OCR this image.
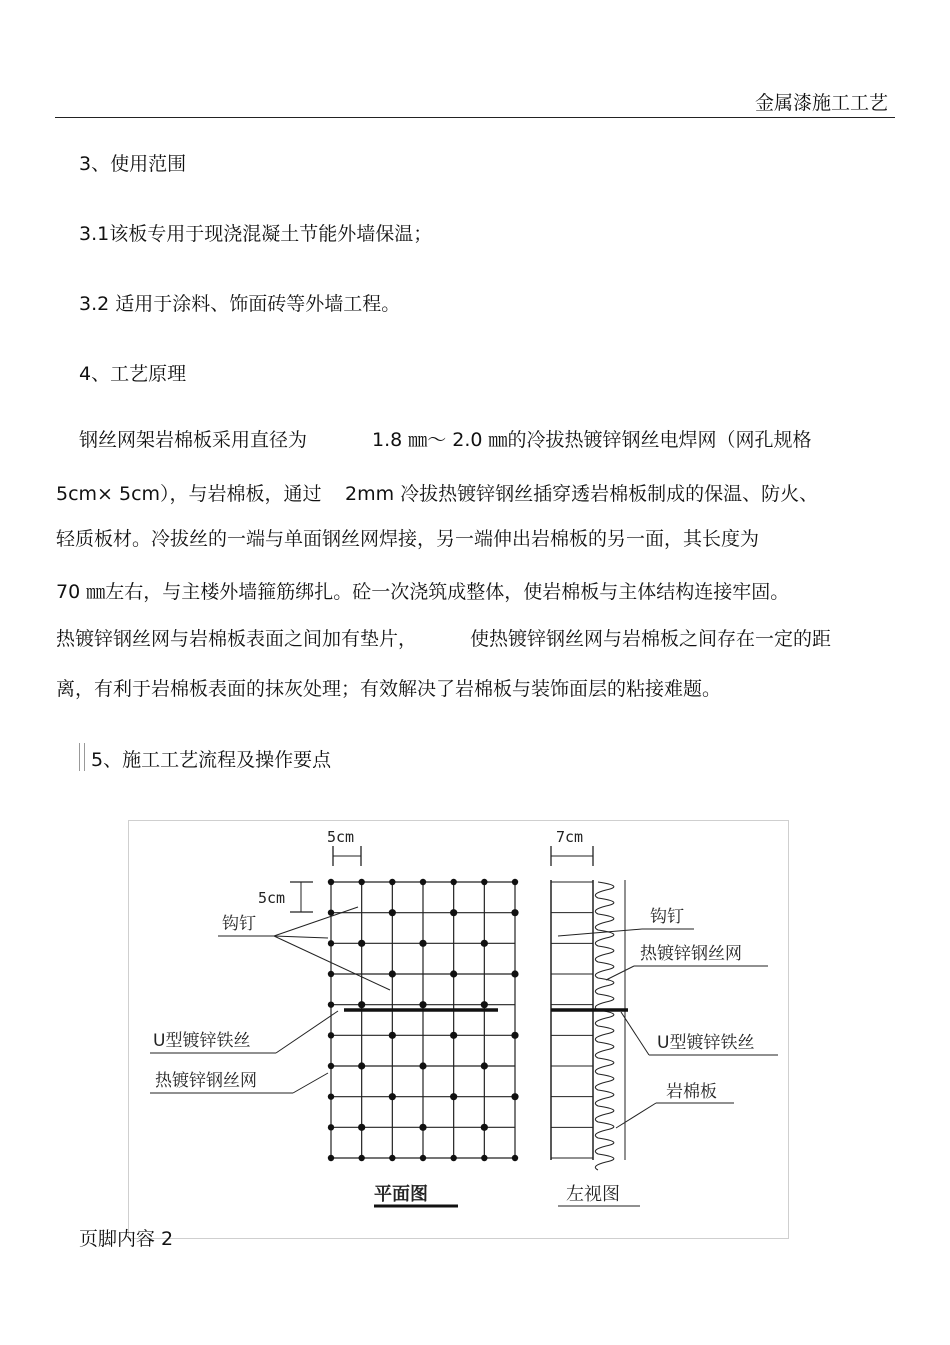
金属漆施工工艺
3、使用范围
3.1该板专用于现浇混凝土节能外墙保温；
3.2 适用于涂料、饰面砖等外墙工程。
4、工艺原理
钢丝网架岩棉板采用直径为	1.8 ㎜～ 2.0 ㎜的冷拔热镀锌钢丝电焊网（网孔规格
5cm× 5cm），与岩棉板，通过 2mm 冷拔热镀锌钢丝插穿透岩棉板制成的保温、防火、
轻质板材。冷拔丝的一端与单面钢丝网焊接，另一端伸出岩棉板的另一面，其长度为
70 ㎜左右，与主楼外墙箍筋绑扎。砼一次浇筑成整体，使岩棉板与主体结构连接牢固。
热镀锌钢丝网与岩棉板表面之间加有垫片，	使热镀锌钢丝网与岩棉板之间存在一定的距
离，有利于岩棉板表面的抹灰处理；有效解决了岩棉板与装饰面层的粘接难题。
5、施工工艺流程及操作要点
5cm
5cm
钩钉
U型镀锌铁丝
热镀锌钢丝网
平面图
7cm
钩钉
热镀锌钢丝网
U型镀锌铁丝
岩棉板
左视图
页脚内容 2
